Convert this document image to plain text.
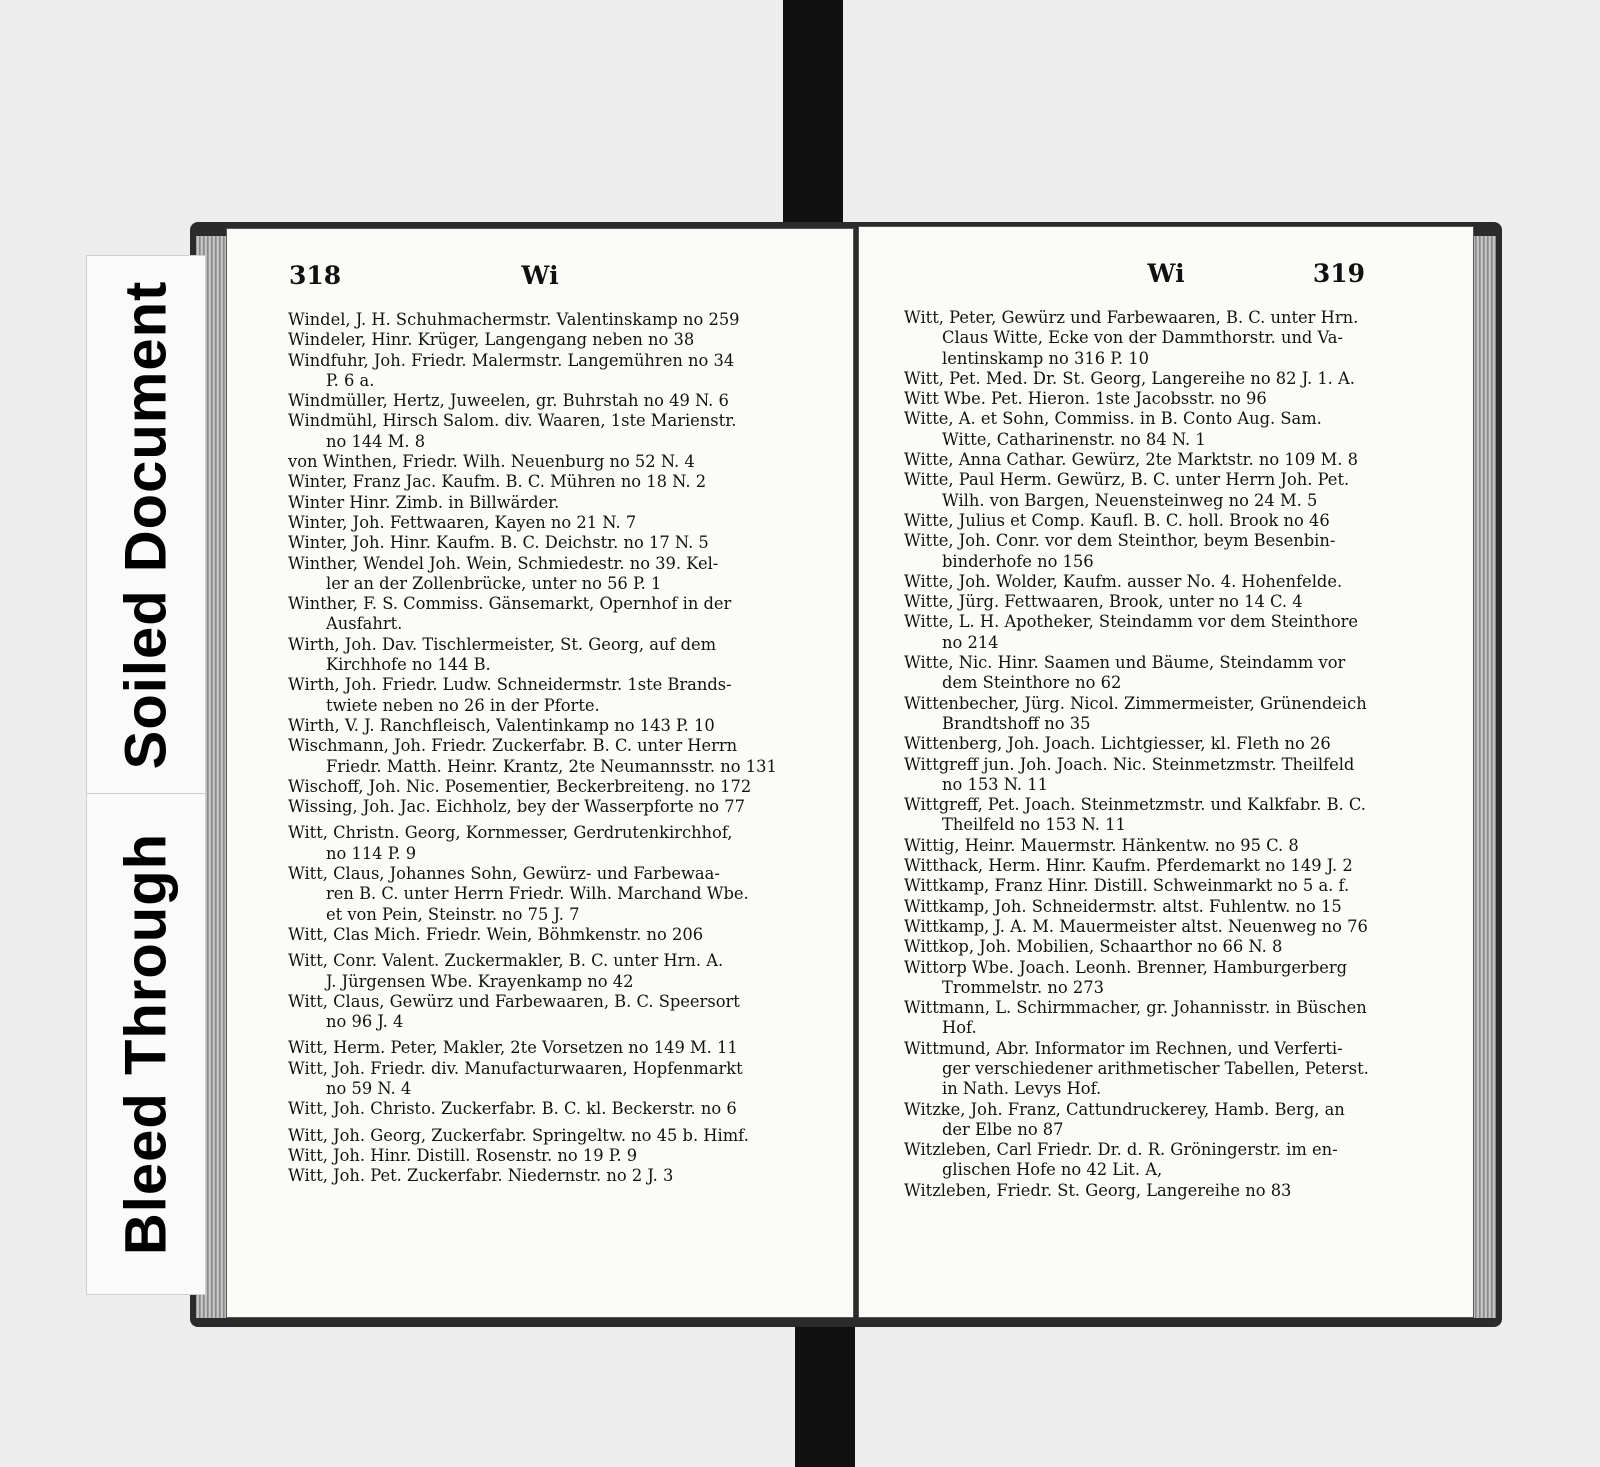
Soiled Document
Bleed Through
318	Wi

Windel, J. H. Schuhmachermstr. Valentinskamp no 259

Windeler, Hinr. Krüger, Langengang neben no 38

Windfuhr, Joh. Friedr. Malermstr. Langemühren no 34
P. 6 a.

Windmüller, Hertz, Juweelen, gr. Buhrstah no 49 N. 6

Windmühl, Hirsch Salom. div. Waaren, 1ste Marienstr.
no 144 M. 8

von Winthen, Friedr. Wilh. Neuenburg no 52 N. 4

Winter, Franz Jac. Kaufm. B. C. Mühren no 18 N. 2

Winter Hinr. Zimb. in Billwärder.

Winter, Joh. Fettwaaren, Kayen no 21 N. 7

Winter, Joh. Hinr. Kaufm. B. C. Deichstr. no 17 N. 5

Winther, Wendel Joh. Wein, Schmiedestr. no 39. Kel-
ler an der Zollenbrücke, unter no 56 P. 1

Winther, F. S. Commiss. Gänsemarkt, Opernhof in der
Ausfahrt.

Wirth, Joh. Dav. Tischlermeister, St. Georg, auf dem
Kirchhofe no 144 B.

Wirth, Joh. Friedr. Ludw. Schneidermstr. 1ste Brands-
twiete neben no 26 in der Pforte.

Wirth, V. J. Ranchfleisch, Valentinkamp no 143 P. 10

Wischmann, Joh. Friedr. Zuckerfabr. B. C. unter Herrn
Friedr. Matth. Heinr. Krantz, 2te Neumannsstr. no 131

Wischoff, Joh. Nic. Posementier, Beckerbreiteng. no 172

Wissing, Joh. Jac. Eichholz, bey der Wasserpforte no 77

Witt, Christn. Georg, Kornmesser, Gerdrutenkirchhof,
no 114 P. 9

Witt, Claus, Johannes Sohn, Gewürz- und Farbewaa-
ren B. C. unter Herrn Friedr. Wilh. Marchand Wbe.
et von Pein, Steinstr. no 75 J. 7

Witt, Clas Mich. Friedr. Wein, Böhmkenstr. no 206

Witt, Conr. Valent. Zuckermakler, B. C. unter Hrn. A.
J. Jürgensen Wbe. Krayenkamp no 42

Witt, Claus, Gewürz und Farbewaaren, B. C. Speersort
no 96 J. 4

Witt, Herm. Peter, Makler, 2te Vorsetzen no 149 M. 11

Witt, Joh. Friedr. div. Manufacturwaaren, Hopfenmarkt
no 59 N. 4

Witt, Joh. Christo. Zuckerfabr. B. C. kl. Beckerstr. no 6

Witt, Joh. Georg, Zuckerfabr. Springeltw. no 45 b. Himf.

Witt, Joh. Hinr. Distill. Rosenstr. no 19 P. 9

Witt, Joh. Pet. Zuckerfabr. Niedernstr. no 2 J. 3

Wi	319

Witt, Peter, Gewürz und Farbewaaren, B. C. unter Hrn.
Claus Witte, Ecke von der Dammthorstr. und Va-
lentinskamp no 316 P. 10

Witt, Pet. Med. Dr. St. Georg, Langereihe no 82 J. 1. A.

Witt Wbe. Pet. Hieron. 1ste Jacobsstr. no 96

Witte, A. et Sohn, Commiss. in B. Conto Aug. Sam.
Witte, Catharinenstr. no 84 N. 1

Witte, Anna Cathar. Gewürz, 2te Marktstr. no 109 M. 8

Witte, Paul Herm. Gewürz, B. C. unter Herrn Joh. Pet.
Wilh. von Bargen, Neuensteinweg no 24 M. 5

Witte, Julius et Comp. Kaufl. B. C. holl. Brook no 46

Witte, Joh. Conr. vor dem Steinthor, beym Besenbin-
binderhofe no 156

Witte, Joh. Wolder, Kaufm. ausser No. 4. Hohenfelde.

Witte, Jürg. Fettwaaren, Brook, unter no 14 C. 4

Witte, L. H. Apotheker, Steindamm vor dem Steinthore
no 214

Witte, Nic. Hinr. Saamen und Bäume, Steindamm vor
dem Steinthore no 62

Wittenbecher, Jürg. Nicol. Zimmermeister, Grünendeich
Brandtshoff no 35

Wittenberg, Joh. Joach. Lichtgiesser, kl. Fleth no 26

Wittgreff jun. Joh. Joach. Nic. Steinmetzmstr. Theilfeld
no 153 N. 11

Wittgreff, Pet. Joach. Steinmetzmstr. und Kalkfabr. B. C.
Theilfeld no 153 N. 11

Wittig, Heinr. Mauermstr. Hänkentw. no 95 C. 8

Witthack, Herm. Hinr. Kaufm. Pferdemarkt no 149 J. 2

Wittkamp, Franz Hinr. Distill. Schweinmarkt no 5 a. f.

Wittkamp, Joh. Schneidermstr. altst. Fuhlentw. no 15

Wittkamp, J. A. M. Mauermeister altst. Neuenweg no 76

Wittkop, Joh. Mobilien, Schaarthor no 66 N. 8

Wittorp Wbe. Joach. Leonh. Brenner, Hamburgerberg
Trommelstr. no 273

Wittmann, L. Schirmmacher, gr. Johannisstr. in Büschen
Hof.

Wittmund, Abr. Informator im Rechnen, und Verferti-
ger verschiedener arithmetischer Tabellen, Peterst.
in Nath. Levys Hof.

Witzke, Joh. Franz, Cattundruckerey, Hamb. Berg, an
der Elbe no 87

Witzleben, Carl Friedr. Dr. d. R. Gröningerstr. im en-
glischen Hofe no 42 Lit. A,

Witzleben, Friedr. St. Georg, Langereihe no 83
